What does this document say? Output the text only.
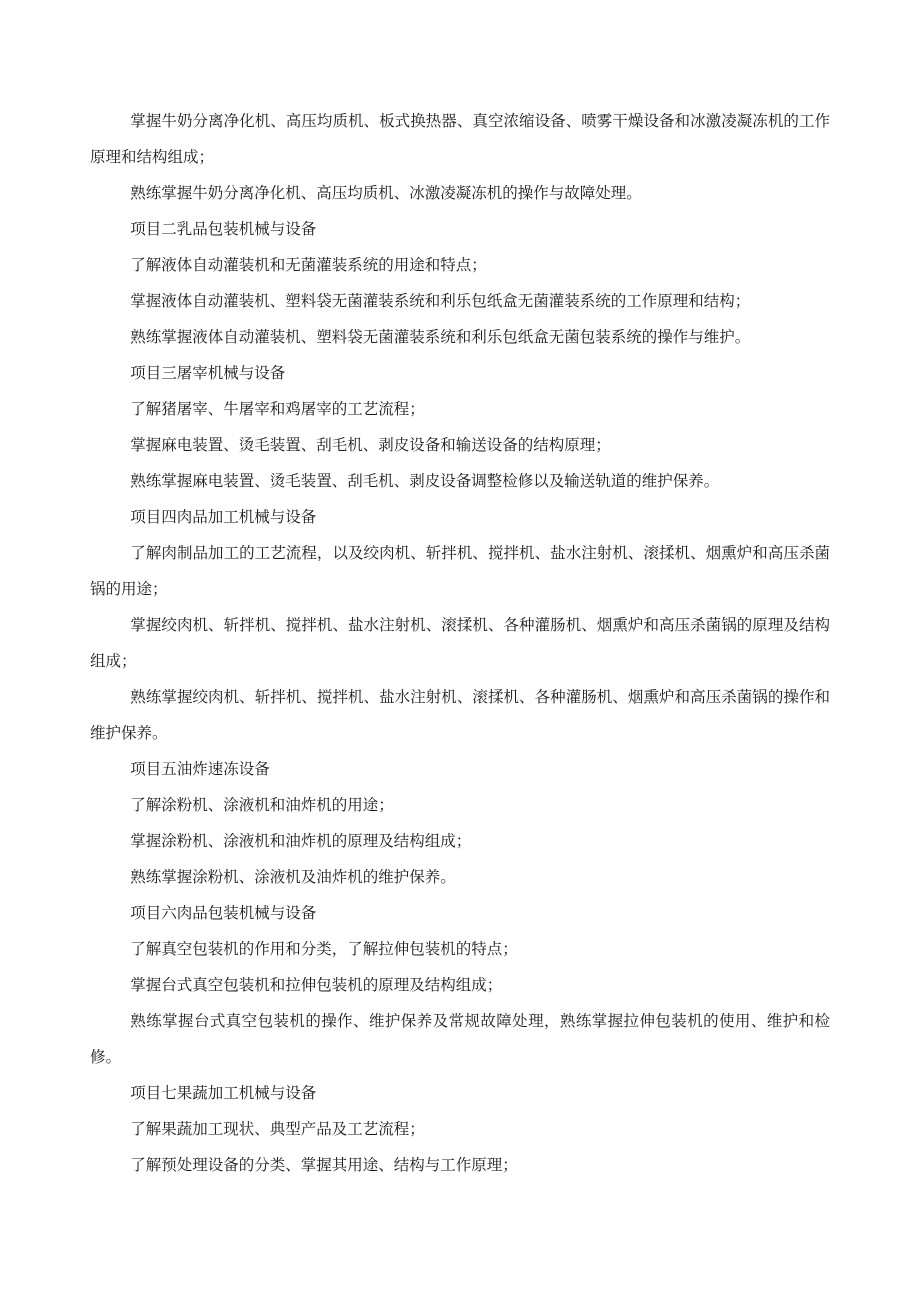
掌握牛奶分离净化机、高压均质机、板式换热器、真空浓缩设备、喷雾干燥设备和冰激凌凝冻机的工作原理和结构组成；

熟练掌握牛奶分离净化机、高压均质机、冰激凌凝冻机的操作与故障处理。

项目二乳品包装机械与设备

了解液体自动灌装机和无菌灌装系统的用途和特点；

掌握液体自动灌装机、塑料袋无菌灌装系统和利乐包纸盒无菌灌装系统的工作原理和结构；

熟练掌握液体自动灌装机、塑料袋无菌灌装系统和利乐包纸盒无菌包装系统的操作与维护。

项目三屠宰机械与设备

了解猪屠宰、牛屠宰和鸡屠宰的工艺流程；

掌握麻电装置、烫毛装置、刮毛机、剥皮设备和输送设备的结构原理；

熟练掌握麻电装置、烫毛装置、刮毛机、剥皮设备调整检修以及输送轨道的维护保养。

项目四肉品加工机械与设备

了解肉制品加工的工艺流程，以及绞肉机、斩拌机、搅拌机、盐水注射机、滚揉机、烟熏炉和高压杀菌锅的用途；

掌握绞肉机、斩拌机、搅拌机、盐水注射机、滚揉机、各种灌肠机、烟熏炉和高压杀菌锅的原理及结构组成；

熟练掌握绞肉机、斩拌机、搅拌机、盐水注射机、滚揉机、各种灌肠机、烟熏炉和高压杀菌锅的操作和维护保养。

项目五油炸速冻设备

了解涂粉机、涂液机和油炸机的用途；

掌握涂粉机、涂液机和油炸机的原理及结构组成；

熟练掌握涂粉机、涂液机及油炸机的维护保养。

项目六肉品包装机械与设备

了解真空包装机的作用和分类，了解拉伸包装机的特点；

掌握台式真空包装机和拉伸包装机的原理及结构组成；

熟练掌握台式真空包装机的操作、维护保养及常规故障处理，熟练掌握拉伸包装机的使用、维护和检修。

项目七果蔬加工机械与设备

了解果蔬加工现状、典型产品及工艺流程；

了解预处理设备的分类、掌握其用途、结构与工作原理；
